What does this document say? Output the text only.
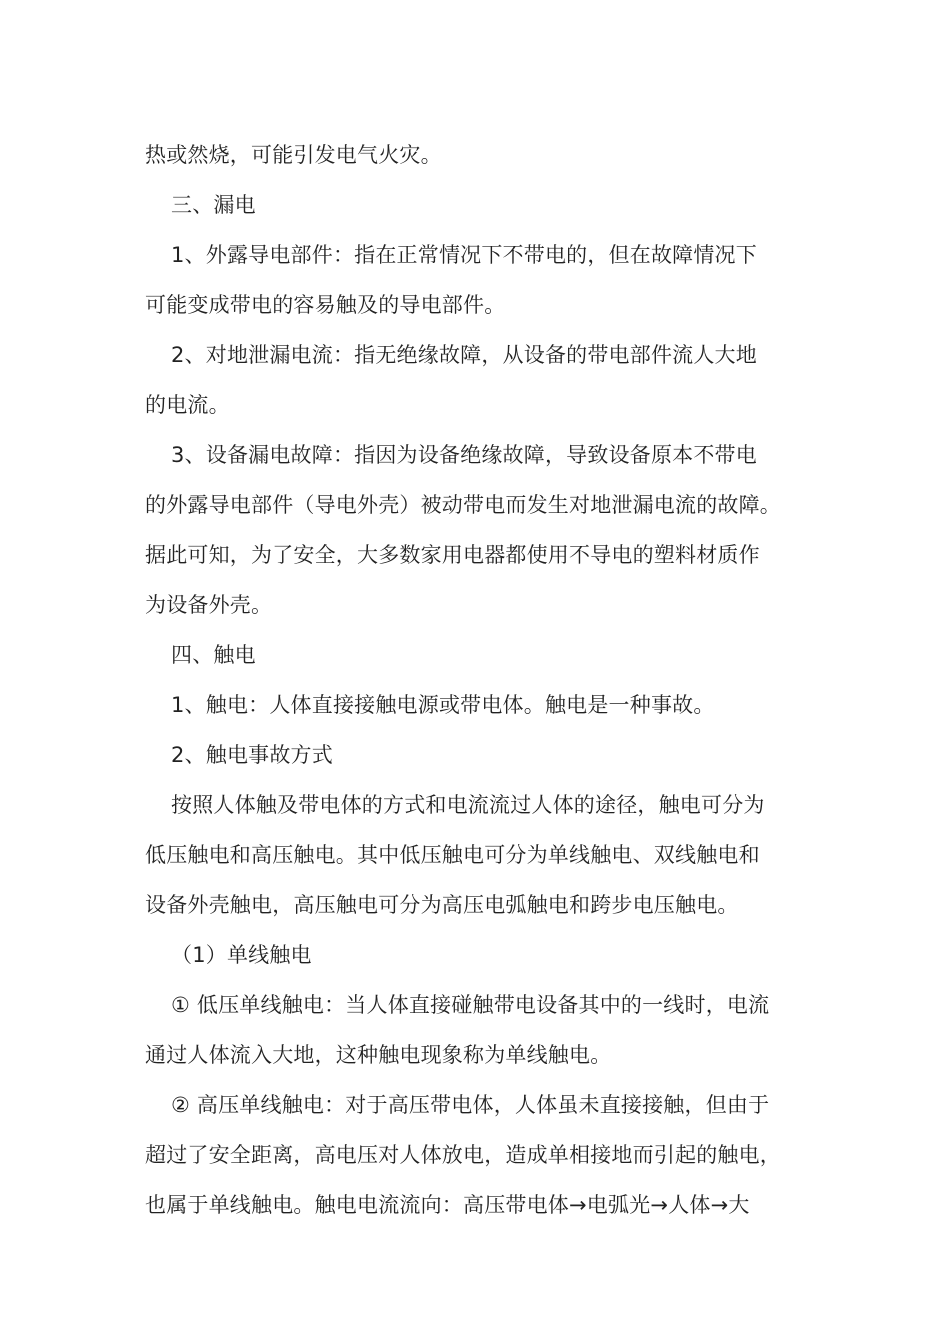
热或然烧，可能引发电气火灾。
三、漏电
1、外露导电部件：指在正常情况下不带电的，但在故障情况下
可能变成带电的容易触及的导电部件。
2、对地泄漏电流：指无绝缘故障，从设备的带电部件流人大地
的电流。
3、设备漏电故障：指因为设备绝缘故障，导致设备原本不带电
的外露导电部件（导电外壳）被动带电而发生对地泄漏电流的故障。
据此可知，为了安全，大多数家用电器都使用不导电的塑料材质作
为设备外壳。
四、触电
1、触电：人体直接接触电源或带电体。触电是一种事故。
2、触电事故方式
按照人体触及带电体的方式和电流流过人体的途径，触电可分为
低压触电和高压触电。其中低压触电可分为单线触电、双线触电和
设备外壳触电，高压触电可分为高压电弧触电和跨步电压触电。
（1）单线触电
① 低压单线触电：当人体直接碰触带电设备其中的一线时，电流
通过人体流入大地，这种触电现象称为单线触电。
② 高压单线触电：对于高压带电体，人体虽未直接接触，但由于
超过了安全距离，高电压对人体放电，造成单相接地而引起的触电，
也属于单线触电。触电电流流向：高压带电体→电弧光→人体→大
